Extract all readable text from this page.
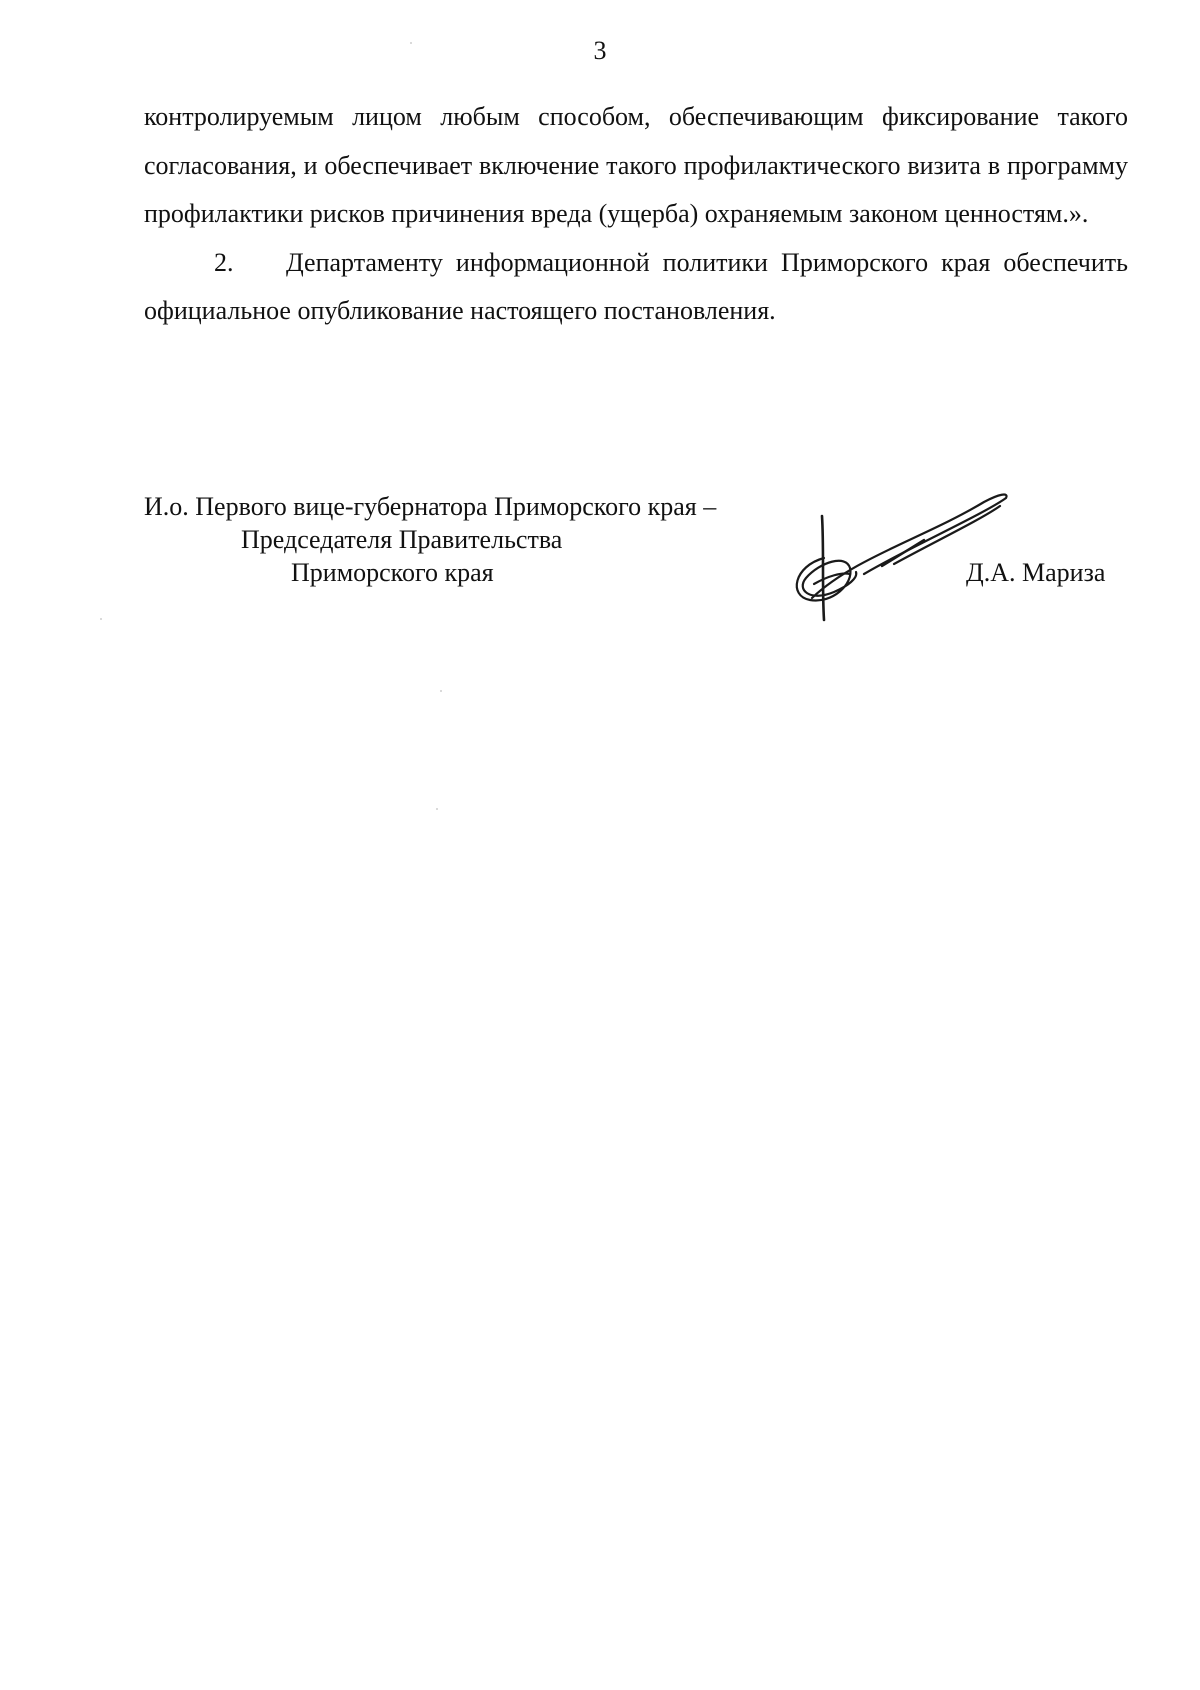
3

контролируемым лицом любым способом, обеспечивающим фиксирование такого согласования, и обеспечивает включение такого профилактического визита в программу профилактики рисков причинения вреда (ущерба) охраняемым законом ценностям.».

2. Департаменту информационной политики Приморского края обеспечить официальное опубликование настоящего постановления.

И.о. Первого вице-губернатора Приморского края –
Председателя Правительства
Приморского края	Д.А. Мариза
